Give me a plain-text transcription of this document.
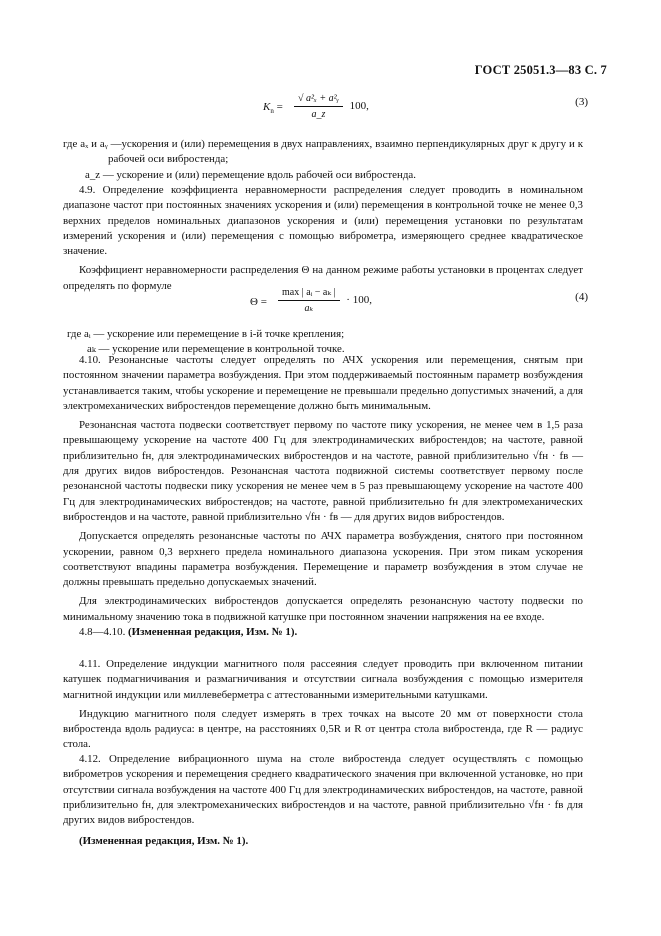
ГОСТ 25051.3—83 С. 7
$K_n = \frac{\text{√ a²ₓ + a²ᵧ}}{a\_z} 100$,	(3)

где aₓ и aᵧ —ускорения и (или) перемещения в двух направлениях, взаимно перпендикулярных друг к другу и к рабочей оси вибростенда;

a_z — ускорение и (или) перемещение вдоль рабочей оси вибростенда.

4.9. Определение коэффициента неравномерности распределения следует проводить в номинальном диапазоне частот при постоянных значениях ускорения и (или) перемещения в контрольной точке не менее 0,3 верхних пределов номинальных диапазонов ускорения и (или) перемещения установки по результатам измерений ускорения и (или) перемещения с помощью виброметра, измеряющего среднее квадратическое значение.

Коэффициент неравномерности распределения Θ на данном режиме работы установки в процентах следует определять по формуле

$\Theta = \frac{\text{max | aᵢ − aₖ |}}{\text{aₖ}} \cdot 100$,	(4)

где aᵢ — ускорение или перемещение в i-й точке крепления;

aₖ — ускорение или перемещение в контрольной точке.

4.10. Резонансные частоты следует определять по АЧХ ускорения или перемещения, снятым при постоянном значении параметра возбуждения. При этом поддерживаемый постоянным параметр возбуждения устанавливается таким, чтобы ускорение и перемещение не превышали предельно допустимых значений, а для электромеханических вибростендов перемещение должно быть минимальным.

Резонансная частота подвески соответствует первому по частоте пику ускорения, не менее чем в 1,5 раза превышающему ускорение на частоте 400 Гц для электродинамических вибростендов; на частоте, равной приблизительно fн, для электродинамических вибростендов и на частоте, равной приблизительно √fн · fв — для других видов вибростендов. Резонансная частота подвижной системы соответствует первому после резонансной частоты подвески пику ускорения не менее чем в 5 раз превышающему ускорение на частоте 400 Гц для электродинамических вибростендов; на частоте, равной приблизительно fн для электромеханических вибростендов и на частоте, равной приблизительно √fн · fв — для других видов вибростендов.

Допускается определять резонансные частоты по АЧХ параметра возбуждения, снятого при постоянном ускорении, равном 0,3 верхнего предела номинального диапазона ускорения. При этом пикам ускорения соответствуют впадины параметра возбуждения. Перемещение и параметр возбуждения в этом случае не должны превышать предельно допускаемых значений.

Для электродинамических вибростендов допускается определять резонансную частоту подвески по минимальному значению тока в подвижной катушке при постоянном значении напряжения на ее входе.

4.8—4.10. (Измененная редакция, Изм. № 1).

4.11. Определение индукции магнитного поля рассеяния следует проводить при включенном питании катушек подмагничивания и размагничивания и отсутствии сигнала возбуждения с помощью измерителя магнитной индукции или миллевеберметра с аттестованными измерительными катушками.

Индукцию магнитного поля следует измерять в трех точках на высоте 20 мм от поверхности стола вибростенда вдоль радиуса: в центре, на расстояниях 0,5R и R от центра стола вибростенда, где R — радиус стола.

4.12. Определение вибрационного шума на столе вибростенда следует осуществлять с помощью виброметров ускорения и перемещения среднего квадратического значения при включенной установке, но при отсутствии сигнала возбуждения на частоте 400 Гц для электродинамических вибростендов, на частоте, равной приблизительно fн, для электромеханических вибростендов и на частоте, равной приблизительно √fн · fв для других видов вибростендов.

(Измененная редакция, Изм. № 1).
